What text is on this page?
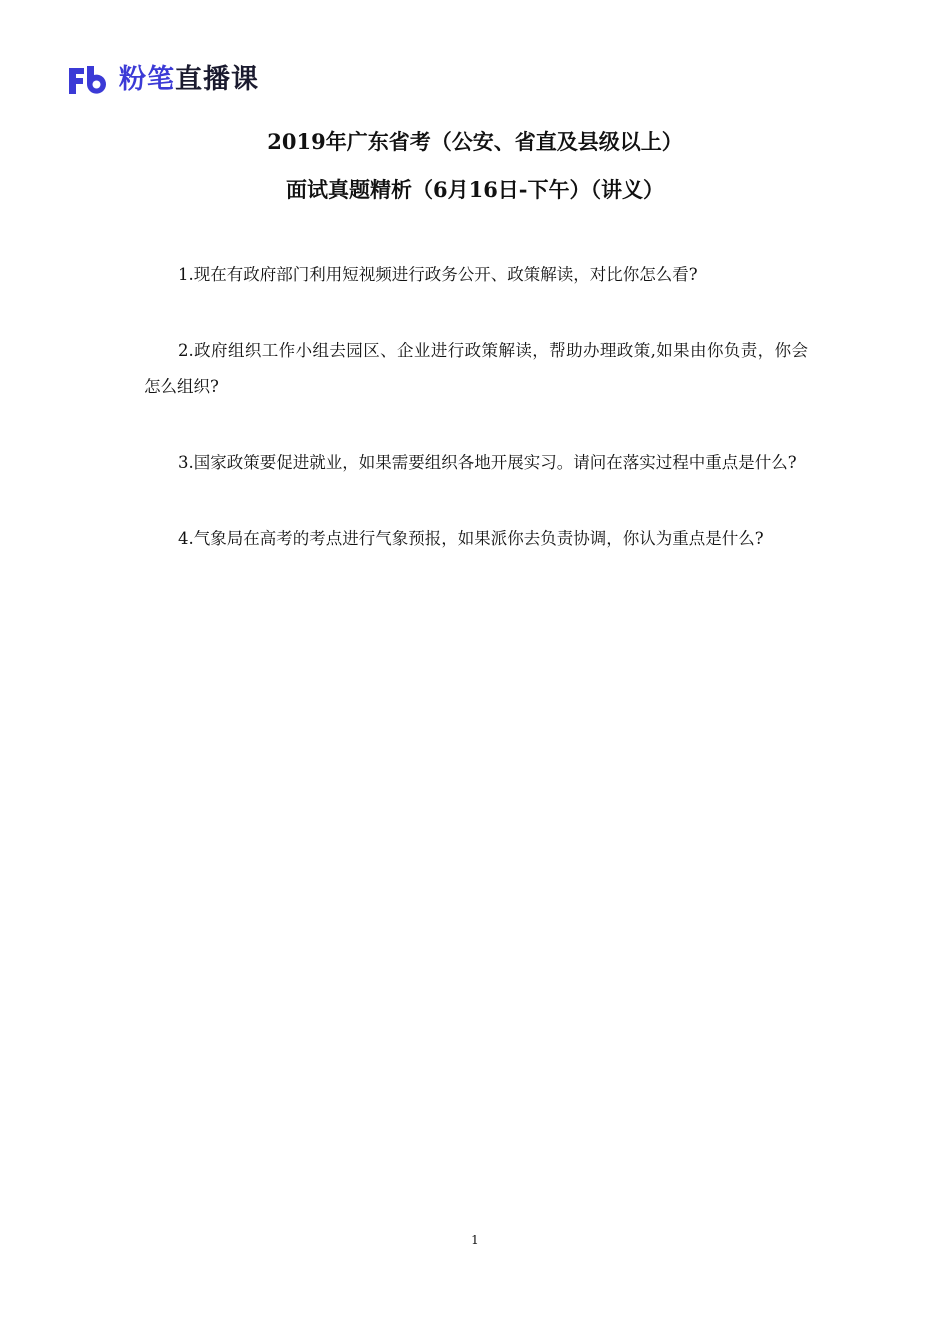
粉笔 直播课
2019年广东省考（公安、省直及县级以上）
面试真题精析（6月16日-下午）（讲义）
1.现在有政府部门利用短视频进行政务公开、政策解读，对比你怎么看?
2.政府组织工作小组去园区、企业进行政策解读，帮助办理政策,如果由你负责，你会怎么组织?
3.国家政策要促进就业，如果需要组织各地开展实习。请问在落实过程中重点是什么?
4.气象局在高考的考点进行气象预报，如果派你去负责协调，你认为重点是什么?
1
